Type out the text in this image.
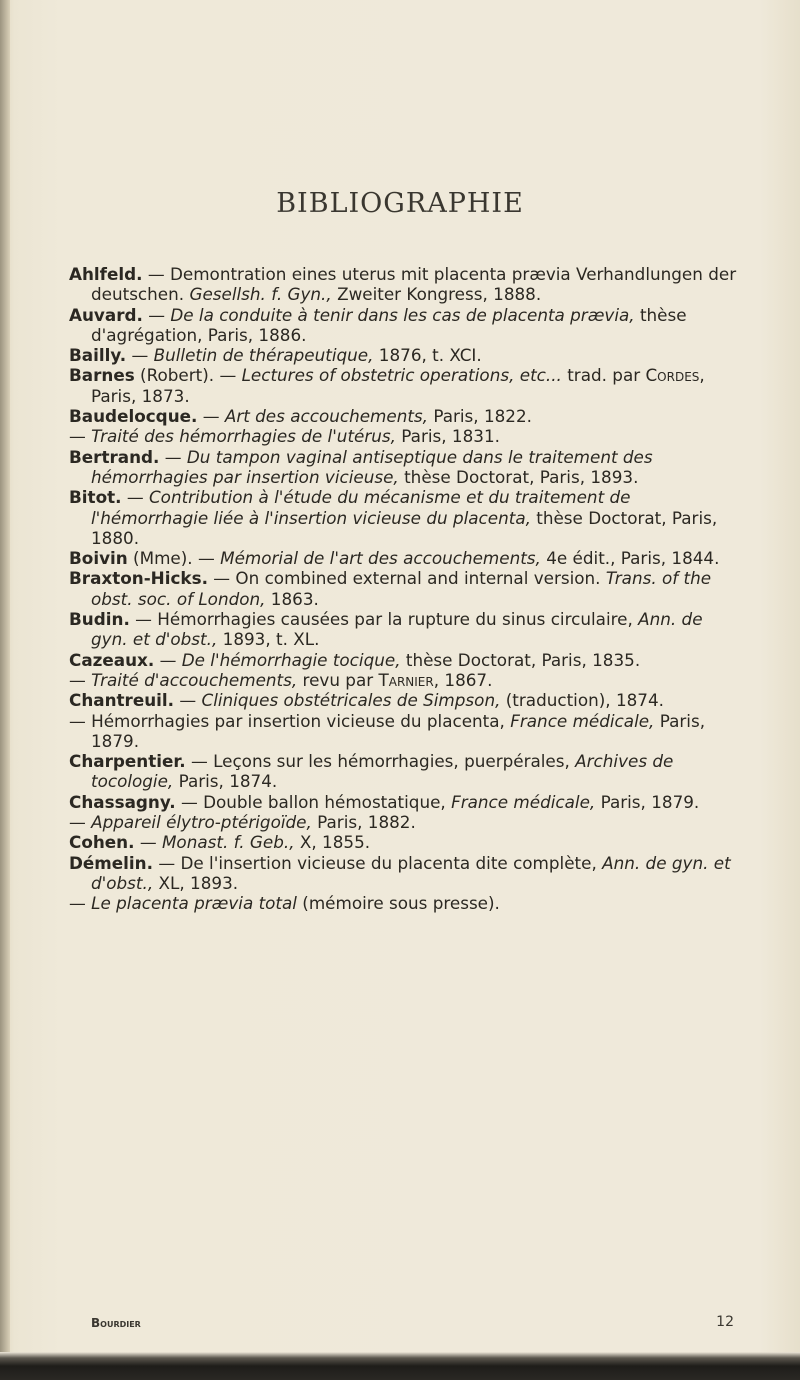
BIBLIOGRAPHIE

Ahlfeld. — Demontration eines uterus mit placenta prævia Verhandlungen der deutschen. Gesellsh. f. Gyn., Zweiter Kongress, 1888.

Auvard. — De la conduite à tenir dans les cas de placenta prævia, thèse d'agrégation, Paris, 1886.

Bailly. — Bulletin de thérapeutique, 1876, t. XCI.

Barnes (Robert). — Lectures of obstetric operations, etc... trad. par Cordes, Paris, 1873.

Baudelocque. — Art des accouchements, Paris, 1822.

— Traité des hémorrhagies de l'utérus, Paris, 1831.

Bertrand. — Du tampon vaginal antiseptique dans le traitement des hémorrhagies par insertion vicieuse, thèse Doctorat, Paris, 1893.

Bitot. — Contribution à l'étude du mécanisme et du traitement de l'hémorrhagie liée à l'insertion vicieuse du placenta, thèse Doctorat, Paris, 1880.

Boivin (Mme). — Mémorial de l'art des accouchements, 4e édit., Paris, 1844.

Braxton-Hicks. — On combined external and internal version. Trans. of the obst. soc. of London, 1863.

Budin. — Hémorrhagies causées par la rupture du sinus circulaire, Ann. de gyn. et d'obst., 1893, t. XL.

Cazeaux. — De l'hémorrhagie tocique, thèse Doctorat, Paris, 1835.

— Traité d'accouchements, revu par Tarnier, 1867.

Chantreuil. — Cliniques obstétricales de Simpson, (traduction), 1874.

— Hémorrhagies par insertion vicieuse du placenta, France médicale, Paris, 1879.

Charpentier. — Leçons sur les hémorrhagies, puerpérales, Archives de tocologie, Paris, 1874.

Chassagny. — Double ballon hémostatique, France médicale, Paris, 1879.

— Appareil élytro-ptérigoïde, Paris, 1882.

Cohen. — Monast. f. Geb., X, 1855.

Démelin. — De l'insertion vicieuse du placenta dite complète, Ann. de gyn. et d'obst., XL, 1893.

— Le placenta prævia total (mémoire sous presse).

Bourdier	12
